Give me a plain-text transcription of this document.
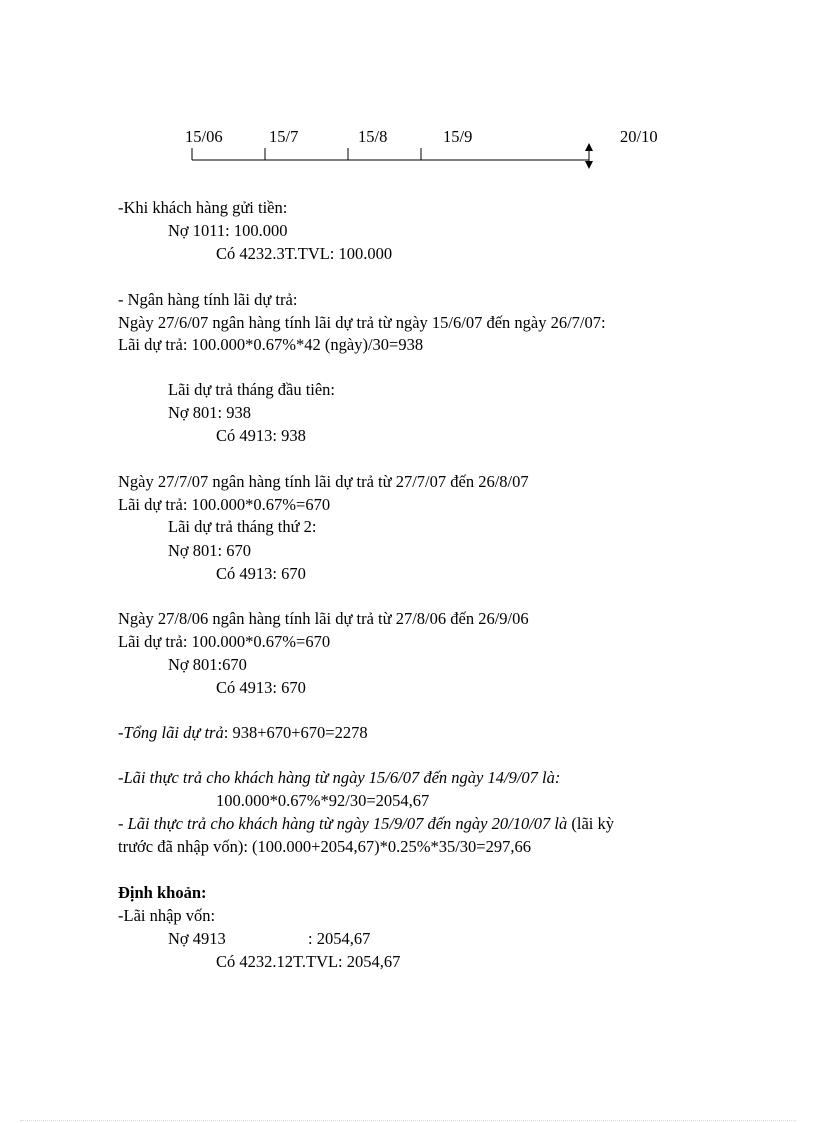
15/06	15/7	15/8	15/9	20/10
-Khi khách hàng gửi tiền:
Nợ 1011: 100.000
Có 4232.3T.TVL: 100.000
- Ngân hàng tính lãi dự trả:
Ngày 27/6/07 ngân hàng tính lãi dự trả từ ngày 15/6/07 đến ngày 26/7/07:
Lãi dự trả: 100.000*0.67%*42 (ngày)/30=938
Lãi dự trả tháng đầu tiên:
Nợ 801: 938
Có 4913: 938
Ngày 27/7/07 ngân hàng tính lãi dự trả từ 27/7/07 đến 26/8/07
Lãi dự trả: 100.000*0.67%=670
Lãi dự trả tháng thứ 2:
Nợ 801: 670
Có 4913: 670
Ngày 27/8/06 ngân hàng tính lãi dự trả từ 27/8/06 đến 26/9/06
Lãi dự trả: 100.000*0.67%=670
Nợ 801:670
Có 4913: 670
-Tổng lãi dự trả: 938+670+670=2278
-Lãi thực trả cho khách hàng từ ngày 15/6/07 đến ngày 14/9/07 là:
100.000*0.67%*92/30=2054,67
- Lãi thực trả cho khách hàng từ ngày 15/9/07 đến ngày 20/10/07 là (lãi kỳ
trước đã nhập vốn): (100.000+2054,67)*0.25%*35/30=297,66
Định khoản:
-Lãi nhập vốn:
Nợ 4913	: 2054,67
Có 4232.12T.TVL: 2054,67
